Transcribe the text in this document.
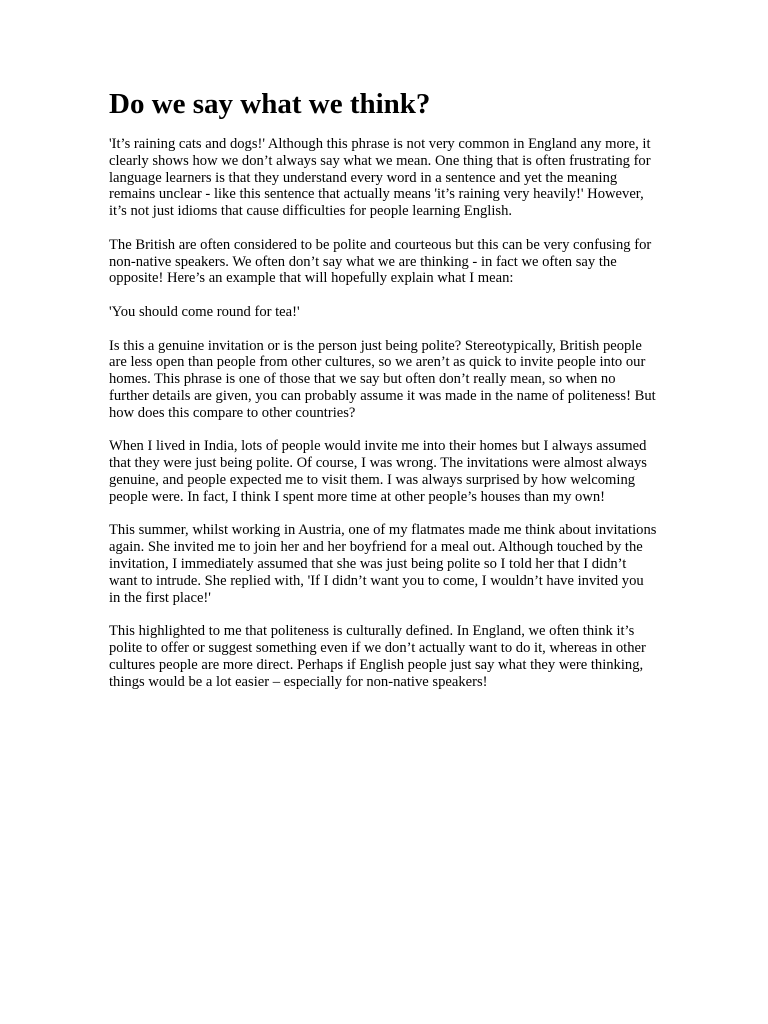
Do we say what we think?

'It’s raining cats and dogs!' Although this phrase is not very common in England any more, it clearly shows how we don’t always say what we mean. One thing that is often frustrating for language learners is that they understand every word in a sentence and yet the meaning remains unclear - like this sentence that actually means 'it’s raining very heavily!' However, it’s not just idioms that cause difficulties for people learning English.

The British are often considered to be polite and courteous but this can be very confusing for non-native speakers. We often don’t say what we are thinking - in fact we often say the opposite! Here’s an example that will hopefully explain what I mean:

'You should come round for tea!'

Is this a genuine invitation or is the person just being polite? Stereotypically, British people are less open than people from other cultures, so we aren’t as quick to invite people into our homes. This phrase is one of those that we say but often don’t really mean, so when no further details are given, you can probably assume it was made in the name of politeness! But how does this compare to other countries?

When I lived in India, lots of people would invite me into their homes but I always assumed that they were just being polite. Of course, I was wrong. The invitations were almost always genuine, and people expected me to visit them. I was always surprised by how welcoming people were. In fact, I think I spent more time at other people’s houses than my own!

This summer, whilst working in Austria, one of my flatmates made me think about invitations again. She invited me to join her and her boyfriend for a meal out. Although touched by the invitation, I immediately assumed that she was just being polite so I told her that I didn’t want to intrude. She replied with, 'If I didn’t want you to come, I wouldn’t have invited you in the first place!'

This highlighted to me that politeness is culturally defined. In England, we often think it’s polite to offer or suggest something even if we don’t actually want to do it, whereas in other cultures people are more direct. Perhaps if English people just say what they were thinking, things would be a lot easier – especially for non-native speakers!
